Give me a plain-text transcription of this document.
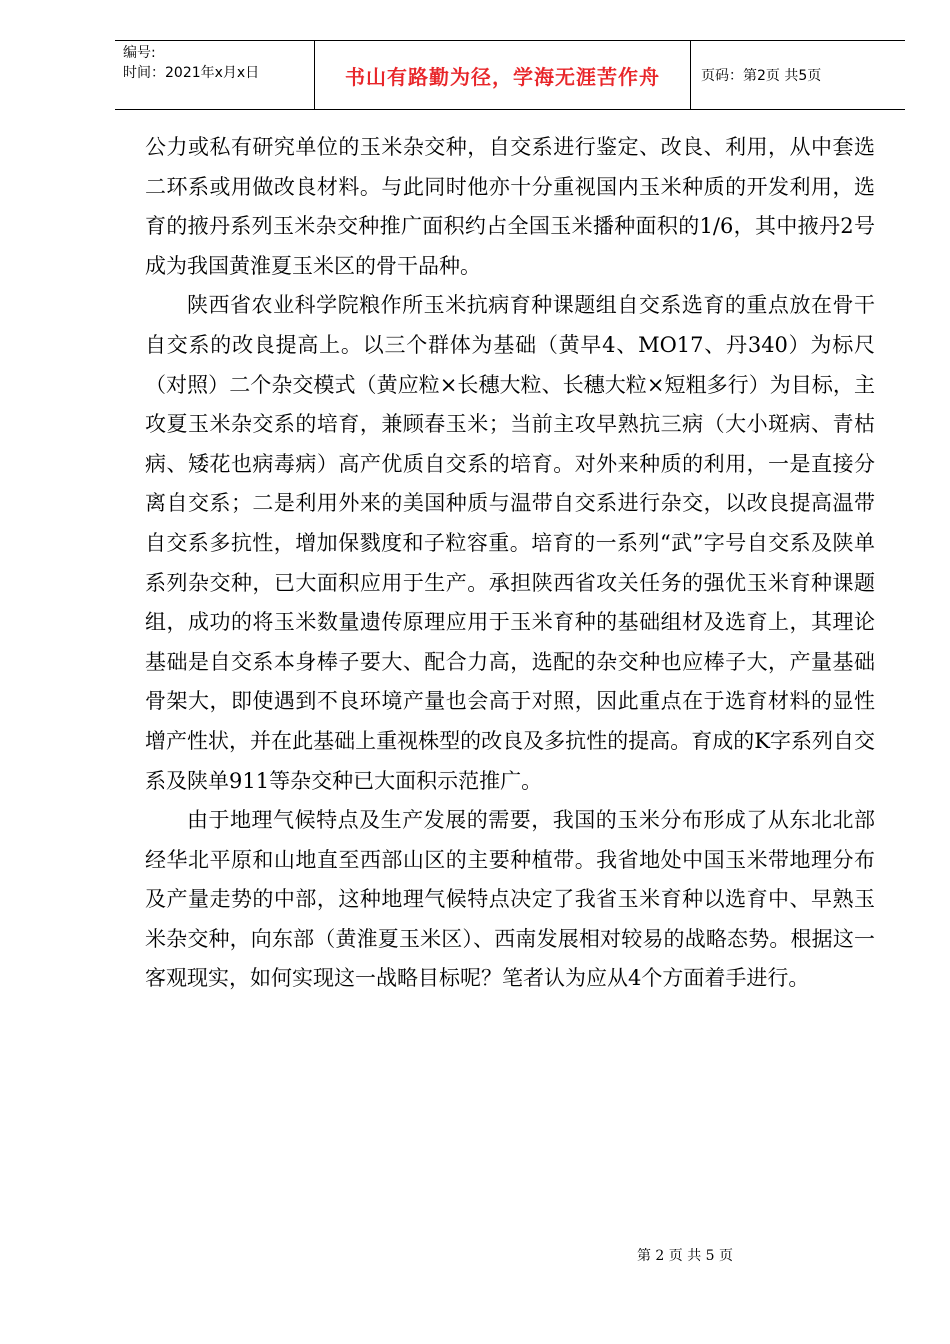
编号:
时间：2021年x月x日	书山有路勤为径，学海无涯苦作舟	页码：第2页 共5页

公力或私有研究单位的玉米杂交种，自交系进行鉴定、改良、利用，从中套选二环系或用做改良材料。与此同时他亦十分重视国内玉米种质的开发利用，选育的掖丹系列玉米杂交种推广面积约占全国玉米播种面积的1/6，其中掖丹2号成为我国黄淮夏玉米区的骨干品种。

陕西省农业科学院粮作所玉米抗病育种课题组自交系选育的重点放在骨干自交系的改良提高上。以三个群体为基础（黄早4、MO17、丹340）为标尺（对照）二个杂交模式（黄应粒×长穗大粒、长穗大粒×短粗多行）为目标，主攻夏玉米杂交系的培育，兼顾春玉米；当前主攻早熟抗三病（大小斑病、青枯病、矮花也病毒病）高产优质自交系的培育。对外来种质的利用，一是直接分离自交系；二是利用外来的美国种质与温带自交系进行杂交，以改良提高温带自交系多抗性，增加保戮度和子粒容重。培育的一系列“武”字号自交系及陕单系列杂交种，已大面积应用于生产。承担陕西省攻关任务的强优玉米育种课题组，成功的将玉米数量遗传原理应用于玉米育种的基础组材及选育上，其理论基础是自交系本身棒子要大、配合力高，选配的杂交种也应棒子大，产量基础骨架大，即使遇到不良环境产量也会高于对照，因此重点在于选育材料的显性增产性状，并在此基础上重视株型的改良及多抗性的提高。育成的K字系列自交系及陕单911等杂交种已大面积示范推广。

由于地理气候特点及生产发展的需要，我国的玉米分布形成了从东北北部经华北平原和山地直至西部山区的主要种植带。我省地处中国玉米带地理分布及产量走势的中部，这种地理气候特点决定了我省玉米育种以选育中、早熟玉米杂交种，向东部（黄淮夏玉米区）、西南发展相对较易的战略态势。根据这一客观现实，如何实现这一战略目标呢？笔者认为应从4个方面着手进行。

第 2 页 共 5 页
